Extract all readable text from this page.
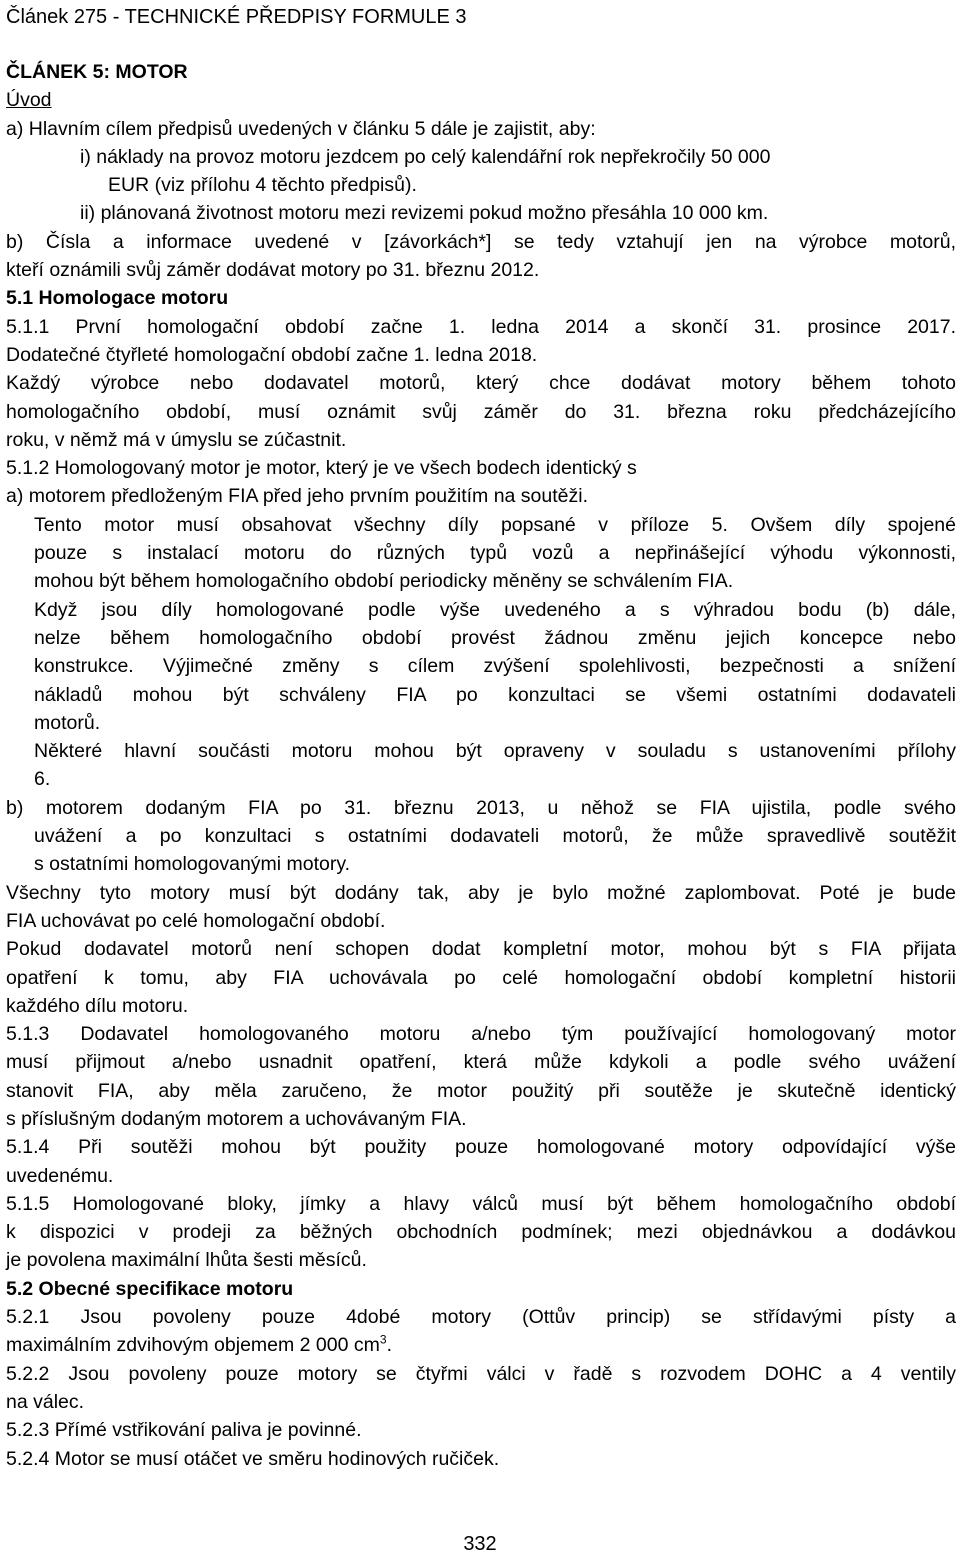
Článek 275 - TECHNICKÉ PŘEDPISY FORMULE 3
ČLÁNEK 5: MOTOR
Úvod
a) Hlavním cílem předpisů uvedených v článku 5 dále je zajistit, aby:
i) náklady na provoz motoru jezdcem po celý kalendářní rok nepřekročily 50 000
EUR (viz přílohu 4 těchto předpisů).
ii) plánovaná životnost motoru mezi revizemi pokud možno přesáhla 10 000 km.
b) Čísla a informace uvedené v [závorkách*] se tedy vztahují jen na výrobce motorů,
kteří oznámili svůj záměr dodávat motory po 31. březnu 2012.
5.1 Homologace motoru
5.1.1 První homologační období začne 1. ledna 2014 a skončí 31. prosince 2017.
Dodatečné čtyřleté homologační období začne 1. ledna 2018.
Každý výrobce nebo dodavatel motorů, který chce dodávat motory během tohoto
homologačního období, musí oznámit svůj záměr do 31. března roku předcházejícího
roku, v němž má v úmyslu se zúčastnit.
5.1.2 Homologovaný motor je motor, který je ve všech bodech identický s
a) motorem předloženým FIA před jeho prvním použitím na soutěži.
Tento motor musí obsahovat všechny díly popsané v příloze 5. Ovšem díly spojené
pouze s instalací motoru do různých typů vozů a nepřinášející výhodu výkonnosti,
mohou být během homologačního období periodicky měněny se schválením FIA.
Když jsou díly homologované podle výše uvedeného a s výhradou bodu (b) dále,
nelze během homologačního období provést žádnou změnu jejich koncepce nebo
konstrukce. Výjimečné změny s cílem zvýšení spolehlivosti, bezpečnosti a snížení
nákladů mohou být schváleny FIA po konzultaci se všemi ostatními dodavateli
motorů.
Některé hlavní součásti motoru mohou být opraveny v souladu s ustanoveními přílohy
6.
b) motorem dodaným FIA po 31. březnu 2013, u něhož se FIA ujistila, podle svého
uvážení a po konzultaci s ostatními dodavateli motorů, že může spravedlivě soutěžit
s ostatními homologovanými motory.
Všechny tyto motory musí být dodány tak, aby je bylo možné zaplombovat. Poté je bude
FIA uchovávat po celé homologační období.
Pokud dodavatel motorů není schopen dodat kompletní motor, mohou být s FIA přijata
opatření k tomu, aby FIA uchovávala po celé homologační období kompletní historii
každého dílu motoru.
5.1.3 Dodavatel homologovaného motoru a/nebo tým používající homologovaný motor
musí přijmout a/nebo usnadnit opatření, která může kdykoli a podle svého uvážení
stanovit FIA, aby měla zaručeno, že motor použitý při soutěže je skutečně identický
s příslušným dodaným motorem a uchovávaným FIA.
5.1.4 Při soutěži mohou být použity pouze homologované motory odpovídající výše
uvedenému.
5.1.5 Homologované bloky, jímky a hlavy válců musí být během homologačního období
k dispozici v prodeji za běžných obchodních podmínek; mezi objednávkou a dodávkou
je povolena maximální lhůta šesti měsíců.
5.2 Obecné specifikace motoru
5.2.1 Jsou povoleny pouze 4dobé motory (Ottův princip) se střídavými písty a
maximálním zdvihovým objemem 2 000 $cm^3$.
5.2.2 Jsou povoleny pouze motory se čtyřmi válci v řadě s rozvodem DOHC a 4 ventily
na válec.
5.2.3 Přímé vstřikování paliva je povinné.
5.2.4 Motor se musí otáčet ve směru hodinových ručiček.
332
